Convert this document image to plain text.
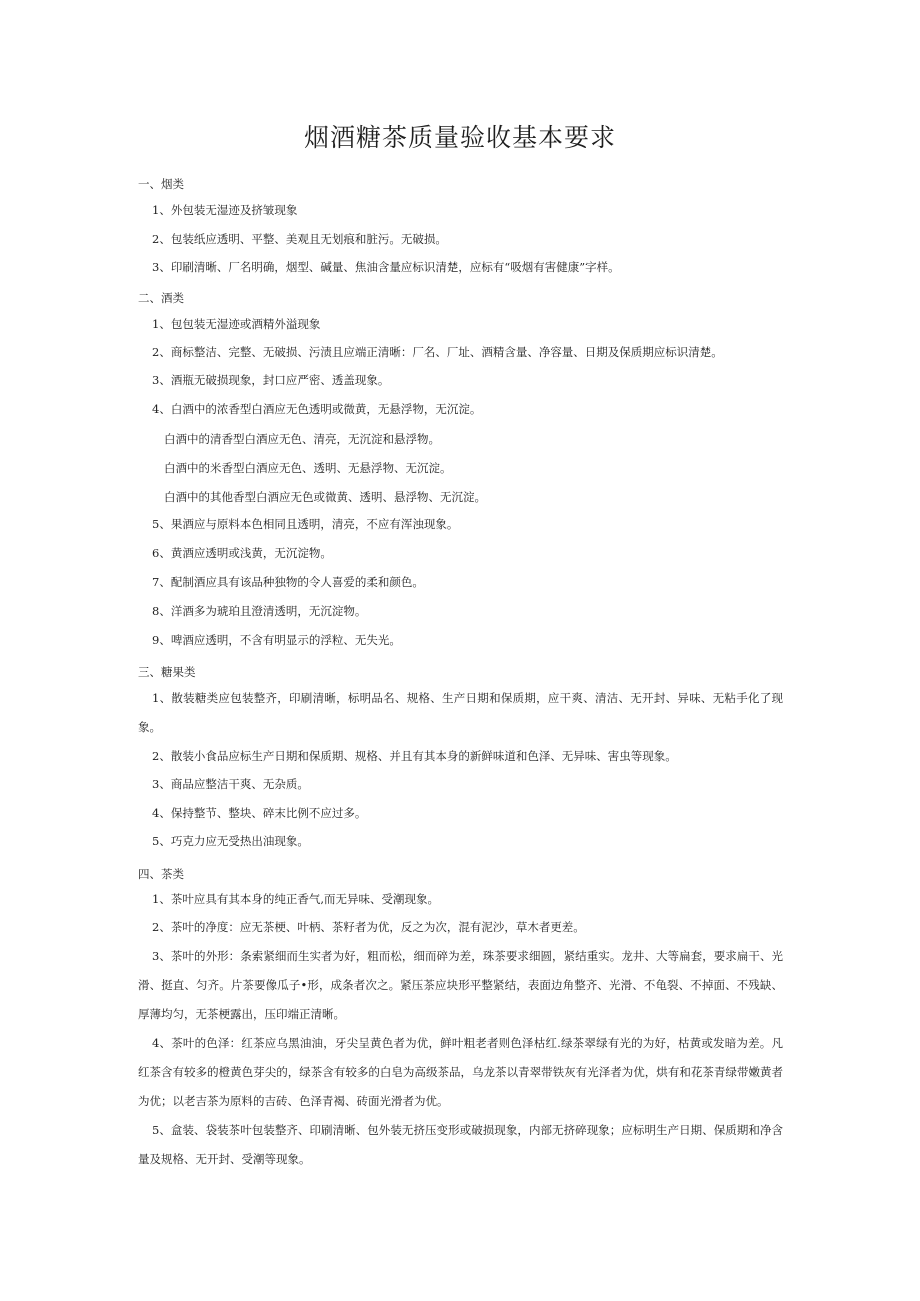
烟酒糖茶质量验收基本要求
一、烟类
1、外包装无湿迹及挤皱现象
2、包装纸应透明、平整、美观且无划痕和脏污。无破损。
3、印刷清晰、厂名明确，烟型、碱量、焦油含量应标识清楚，应标有“吸烟有害健康”字样。
二、酒类
1、包包装无湿迹或酒精外溢现象
2、商标整洁、完整、无破损、污渍且应端正清晰：厂名、厂址、酒精含量、净容量、日期及保质期应标识清楚。
3、酒瓶无破损现象，封口应严密、透盖现象。
4、白酒中的浓香型白酒应无色透明或微黄，无悬浮物，无沉淀。
白酒中的清香型白酒应无色、清亮，无沉淀和悬浮物。
白酒中的米香型白酒应无色、透明、无悬浮物、无沉淀。
白酒中的其他香型白酒应无色或微黄、透明、悬浮物、无沉淀。
5、果酒应与原料本色相同且透明，清亮，不应有浑浊现象。
6、黄酒应透明或浅黄，无沉淀物。
7、配制酒应具有该品种独物的令人喜爱的柔和颜色。
8、洋酒多为琥珀且澄清透明，无沉淀物。
9、啤酒应透明，不含有明显示的浮粒、无失光。
三、糖果类
1、散装糖类应包装整齐，印刷清晰，标明品名、规格、生产日期和保质期，应干爽、清洁、无开封、异味、无粘手化了现象。
2、散装小食品应标生产日期和保质期、规格、并且有其本身的新鲜味道和色泽、无异味、害虫等现象。
3、商品应整洁干爽、无杂质。
4、保持整节、整块、碎末比例不应过多。
5、巧克力应无受热出油现象。
四、茶类
1、茶叶应具有其本身的纯正香气,而无异味、受潮现象。
2、茶叶的净度：应无茶梗、叶柄、茶籽者为优，反之为次，混有泥沙，草木者更差。
3、茶叶的外形：条索紧细而生实者为好，粗而松，细而碎为差，珠茶要求细圆，紧结重实。龙井、大等扁套，要求扁干、光滑、挺直、匀齐。片茶要像瓜子•形，成条者次之。紧压茶应块形平整紧结，表面边角整齐、光滑、不龟裂、不掉面、不残缺、厚薄均匀，无茶梗露出，压印端正清晰。
4、茶叶的色泽：红茶应乌黑油油，牙尖呈黄色者为优，鲜叶粗老者则色泽枯红.绿茶翠绿有光的为好，枯黄或发暗为差。凡红茶含有较多的橙黄色芽尖的，绿茶含有较多的白皂为高级茶品，乌龙茶以青翠带铁灰有光泽者为优，烘有和花茶青绿带嫩黄者为优；以老吉茶为原料的吉砖、色泽青褐、砖面光滑者为优。
5、盒装、袋装茶叶包装整齐、印刷清晰、包外装无挤压变形或破损现象，内部无挤碎现象；应标明生产日期、保质期和净含量及规格、无开封、受潮等现象。
